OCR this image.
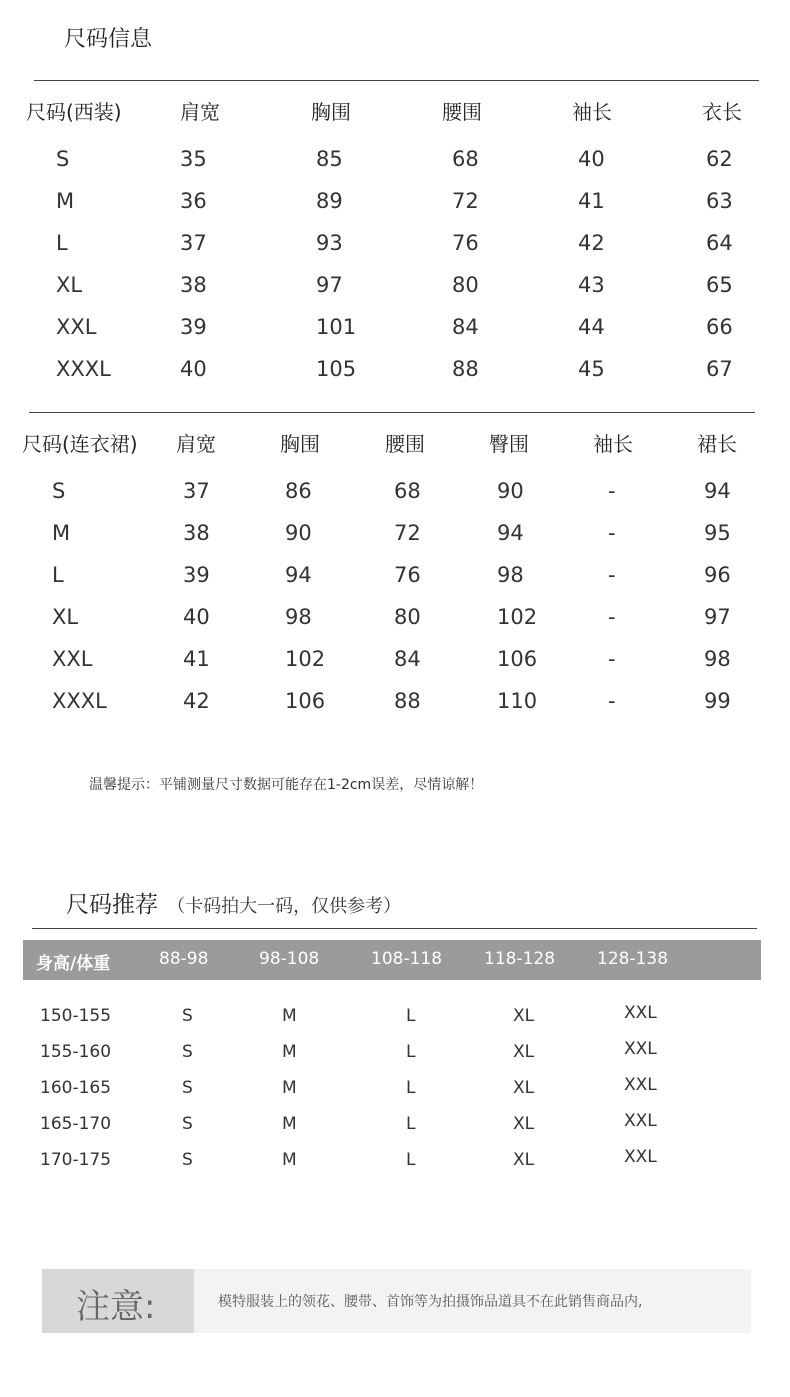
尺码信息
尺码(西装)	肩宽	胸围	腰围	袖长	衣长
S	35	85	68	40	62
M	36	89	72	41	63
L	37	93	76	42	64
XL	38	97	80	43	65
XXL	39	101	84	44	66
XXXL	40	105	88	45	67
尺码(连衣裙) 肩宽	胸围	腰围	臀围	袖长	裙长
S	37	86	68	90	-	94
M	38	90	72	94	-	95
L	39	94	76	98	-	96
XL	40	98	80	102	-	97
XXL	41	102	84	106	-	98
XXXL	42	106	88	110	-	99
温馨提示：平铺测量尺寸数据可能存在1-2cm误差，尽情谅解！
尺码推荐 （卡码拍大一码，仅供参考）
身高/体重	88-98	98-108	108-118 118-128 128-138
150-155	S	M	L	XL	XXL
155-160	S	M	L	XL	XXL
160-165	S	M	L	XL	XXL
165-170	S	M	L	XL	XXL
170-175	S	M	L	XL	XXL
注意:	模特服装上的领花、腰带、首饰等为拍摄饰品道具不在此销售商品内,
